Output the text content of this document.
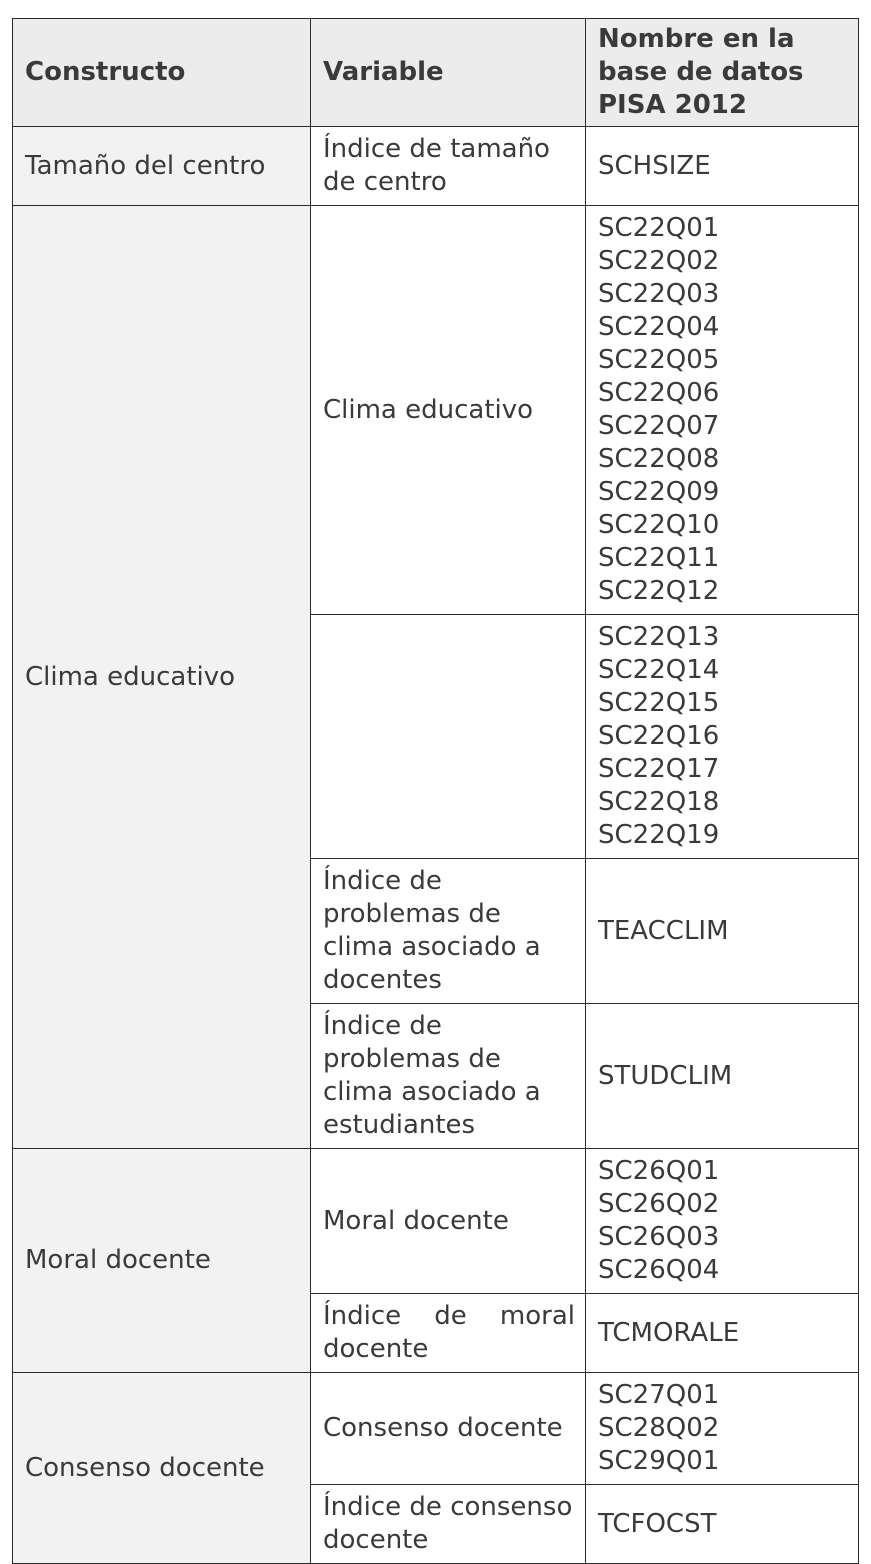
Constructo	Variable	Nombre en la base de datos PISA 2012
Tamaño del centro	Índice de tamaño de centro	SCHSIZE
Clima educativo	Clima educativo	SC22Q01 SC22Q02 SC22Q03 SC22Q04 SC22Q05 SC22Q06 SC22Q07 SC22Q08 SC22Q09 SC22Q10 SC22Q11 SC22Q12

		SC22Q13 SC22Q14 SC22Q15 SC22Q16 SC22Q17 SC22Q18 SC22Q19

	Índice de problemas de clima asociado a docentes	TEACCLIM
	Índice de problemas de clima asociado a estudiantes	STUDCLIM
Moral docente	Moral docente	SC26Q01 SC26Q02 SC26Q03 SC26Q04
	Índice de moral docente	TCMORALE
Consenso docente	Consenso docente	SC27Q01 SC28Q02 SC29Q01
	Índice de consenso docente	TCFOCST
